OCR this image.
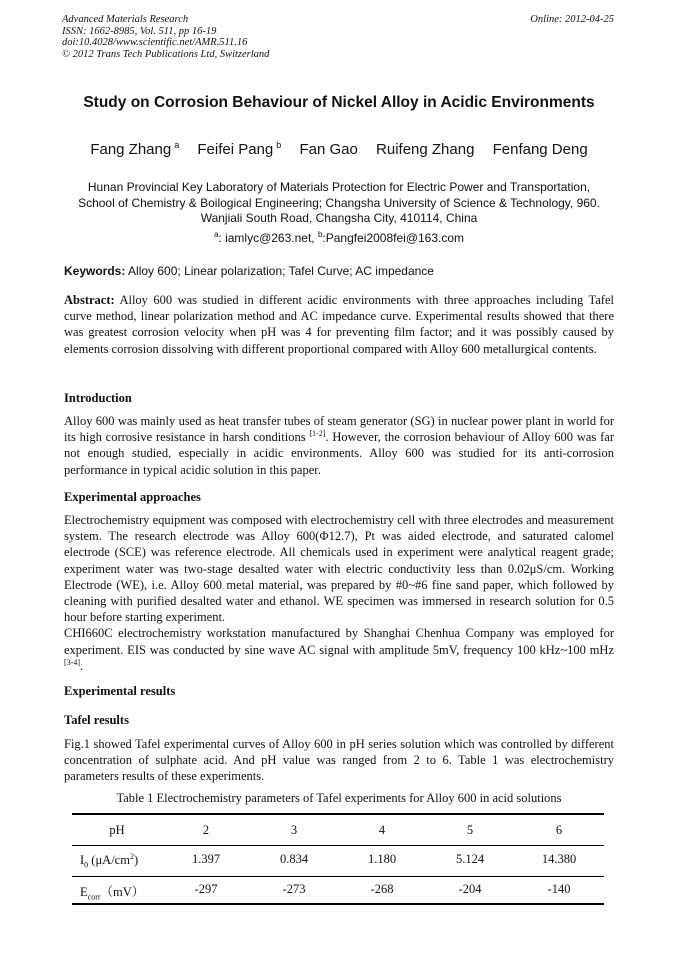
Advanced Materials Research
ISSN: 1662-8985, Vol. 511, pp 16-19
doi:10.4028/www.scientific.net/AMR.511.16
© 2012 Trans Tech Publications Ltd, Switzerland
Online: 2012-04-25
Study on Corrosion Behaviour of Nickel Alloy in Acidic Environments
Fang Zhang $^a$ Feifei Pang $^b$ Fan Gao Ruifeng Zhang Fenfang Deng
Hunan Provincial Key Laboratory of Materials Protection for Electric Power and Transportation,
School of Chemistry & Boilogical Engineering; Changsha University of Science & Technology, 960.
Wanjiali South Road, Changsha City, 410114, China
$^a$: iamlyc@263.net, $^b$:Pangfei2008fei@163.com
Keywords: Alloy 600; Linear polarization; Tafel Curve; AC impedance
Abstract: Alloy 600 was studied in different acidic environments with three approaches including Tafel curve method, linear polarization method and AC impedance curve. Experimental results showed that there was greatest corrosion velocity when pH was 4 for preventing film factor; and it was possibly caused by elements corrosion dissolving with different proportional compared with Alloy 600 metallurgical contents.
Introduction
Alloy 600 was mainly used as heat transfer tubes of steam generator (SG) in nuclear power plant in world for its high corrosive resistance in harsh conditions [1-2]. However, the corrosion behaviour of Alloy 600 was far not enough studied, especially in acidic environments. Alloy 600 was studied for its anti-corrosion performance in typical acidic solution in this paper.
Experimental approaches
Electrochemistry equipment was composed with electrochemistry cell with three electrodes and measurement system. The research electrode was Alloy 600(Φ12.7), Pt was aided electrode, and saturated calomel electrode (SCE) was reference electrode. All chemicals used in experiment were analytical reagent grade; experiment water was two-stage desalted water with electric conductivity less than 0.02μS/cm. Working Electrode (WE), i.e. Alloy 600 metal material, was prepared by #0~#6 fine sand paper, which followed by cleaning with purified desalted water and ethanol. WE specimen was immersed in research solution for 0.5 hour before starting experiment.
CHI660C electrochemistry workstation manufactured by Shanghai Chenhua Company was employed for experiment. EIS was conducted by sine wave AC signal with amplitude 5mV, frequency 100 kHz~100 mHz [3-4].
Experimental results
Tafel results
Fig.1 showed Tafel experimental curves of Alloy 600 in pH series solution which was controlled by different concentration of sulphate acid. And pH value was ranged from 2 to 6. Table 1 was electrochemistry parameters results of these experiments.
Table 1 Electrochemistry parameters of Tafel experiments for Alloy 600 in acid solutions
pH	2	3	4	5	6
$I_0$ $(\mu A/cm^2)$	1.397	0.834	1.180	5.124	14.380
$E_{corr}(mV)$	-297	-273	-268	-204	-140
